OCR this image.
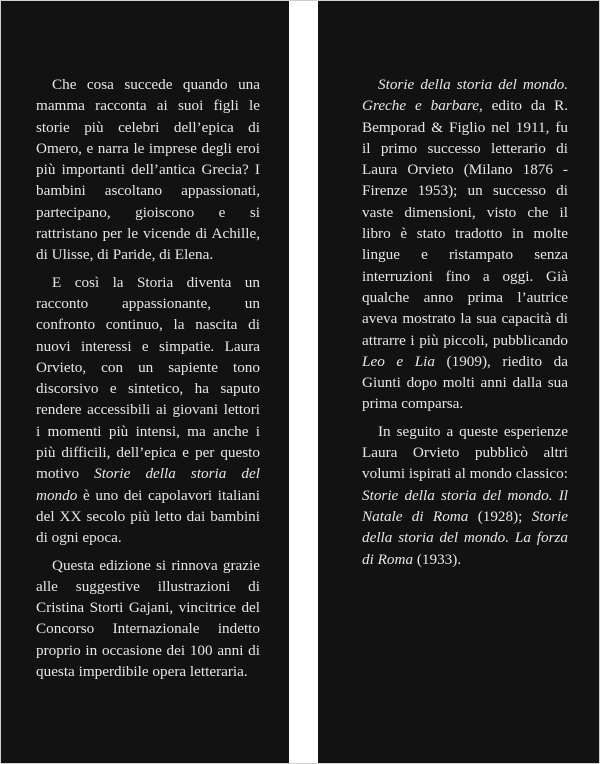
Che cosa succede quando una mamma racconta ai suoi figli le storie più celebri dell’epica di Omero, e narra le imprese degli eroi più importanti dell’antica Grecia? I bambini ascoltano appassionati, partecipano, gioiscono e si rattristano per le vicende di Achille, di Ulisse, di Paride, di Elena.

E così la Storia diventa un racconto appassionante, un confronto continuo, la nascita di nuovi interessi e simpatie. Laura Orvieto, con un sapiente tono discorsivo e sintetico, ha saputo rendere accessibili ai giovani lettori i momenti più intensi, ma anche i più difficili, dell’epica e per questo motivo Storie della storia del mondo è uno dei capolavori italiani del XX secolo più letto dai bambini di ogni epoca.

Questa edizione si rinnova grazie alle suggestive illustrazioni di Cristina Storti Gajani, vincitrice del Concorso Internazionale indetto proprio in occasione dei 100 anni di questa imperdibile opera letteraria.

Storie della storia del mondo. Greche e barbare, edito da R. Bemporad & Figlio nel 1911, fu il primo successo letterario di Laura Orvieto (Milano 1876 - Firenze 1953); un successo di vaste dimensioni, visto che il libro è stato tradotto in molte lingue e ristampato senza interruzioni fino a oggi. Già qualche anno prima l’autrice aveva mostrato la sua capacità di attrarre i più piccoli, pubblicando Leo e Lia (1909), riedito da Giunti dopo molti anni dalla sua prima comparsa.

In seguito a queste esperienze Laura Orvieto pubblicò altri volumi ispirati al mondo classico: Storie della storia del mondo. Il Natale di Roma (1928); Storie della storia del mondo. La forza di Roma (1933).
